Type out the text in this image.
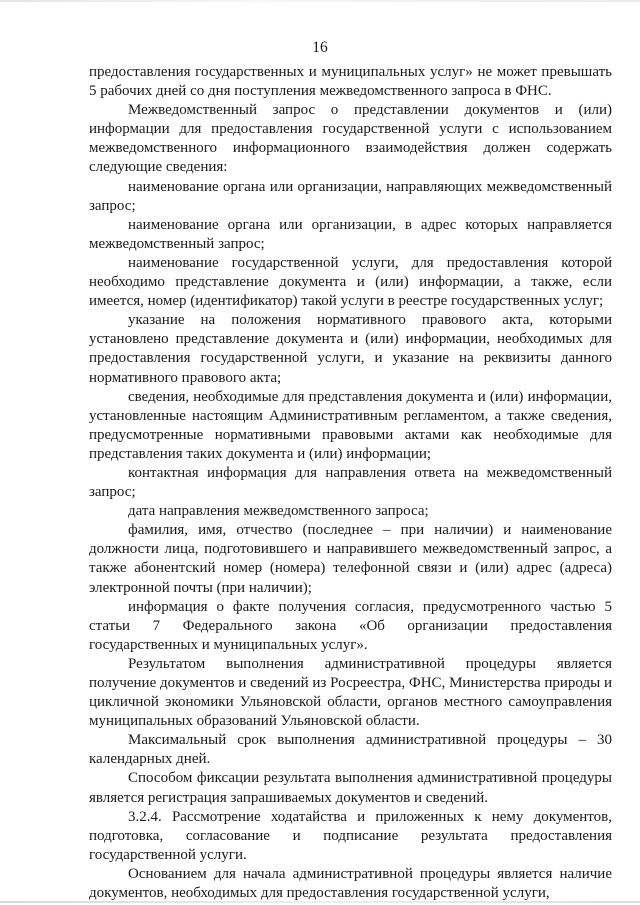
16

предоставления государственных и муниципальных услуг» не может превышать 5 рабочих дней со дня поступления межведомственного запроса в ФНС.

Межведомственный запрос о представлении документов и (или) информации для предоставления государственной услуги с использованием межведомственного информационного взаимодействия должен содержать следующие сведения:

наименование органа или организации, направляющих межведомственный запрос;

наименование органа или организации, в адрес которых направляется межведомственный запрос;

наименование государственной услуги, для предоставления которой необходимо представление документа и (или) информации, а также, если имеется, номер (идентификатор) такой услуги в реестре государственных услуг;

указание на положения нормативного правового акта, которыми установлено представление документа и (или) информации, необходимых для предоставления государственной услуги, и указание на реквизиты данного нормативного правового акта;

сведения, необходимые для представления документа и (или) информации, установленные настоящим Административным регламентом, а также сведения, предусмотренные нормативными правовыми актами как необходимые для представления таких документа и (или) информации;

контактная информация для направления ответа на межведомственный запрос;

дата направления межведомственного запроса;

фамилия, имя, отчество (последнее – при наличии) и наименование должности лица, подготовившего и направившего межведомственный запрос, а также абонентский номер (номера) телефонной связи и (или) адрес (адреса) электронной почты (при наличии);

информация о факте получения согласия, предусмотренного частью 5 статьи 7 Федерального закона «Об организации предоставления государственных и муниципальных услуг».

Результатом выполнения административной процедуры является получение документов и сведений из Росреестра, ФНС, Министерства природы и цикличной экономики Ульяновской области, органов местного самоуправления муниципальных образований Ульяновской области.

Максимальный срок выполнения административной процедуры – 30 календарных дней.

Способом фиксации результата выполнения административной процедуры является регистрация запрашиваемых документов и сведений.

3.2.4. Рассмотрение ходатайства и приложенных к нему документов, подготовка, согласование и подписание результата предоставления государственной услуги.

Основанием для начала административной процедуры является наличие документов, необходимых для предоставления государственной услуги,
